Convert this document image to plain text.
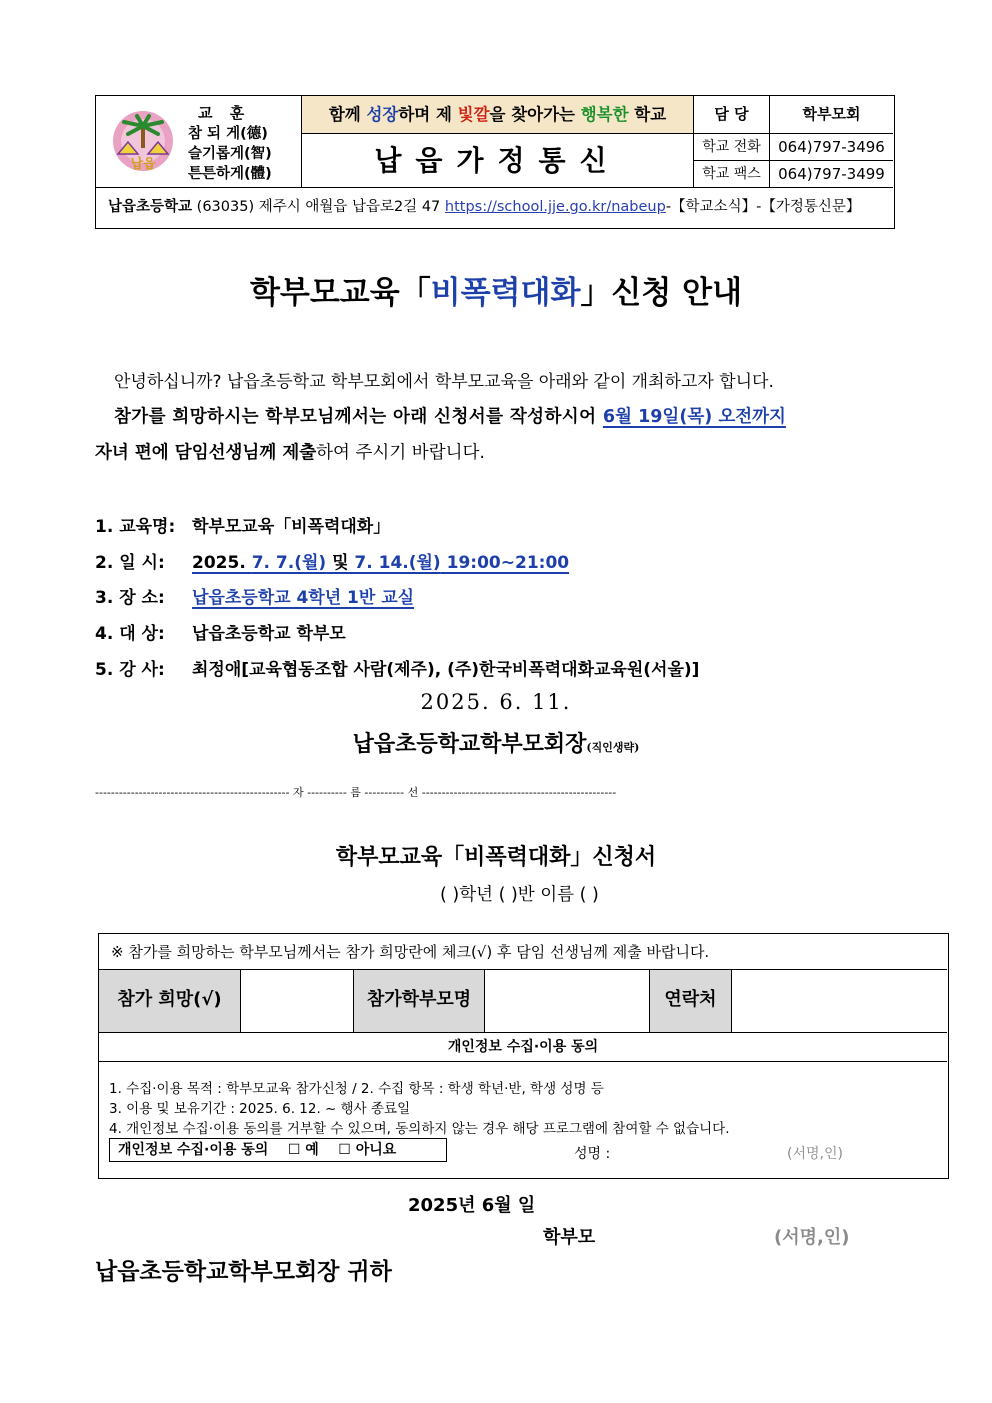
납읍
교 훈
참 되 게(德)
슬기롭게(智)
튼튼하게(體)
함께 성장하며 제 빛깔을 찾아가는 행복한 학교
납읍가정통신
담 당	학부모회
학교 전화	064)797-3496
학교 팩스	064)797-3499
납읍초등학교 (63035) 제주시 애월읍 납읍로2길 47 https://school.jje.go.kr/nabeup-【학교소식】-【가정통신문】
학부모교육「비폭력대화」신청 안내
안녕하십니까? 납읍초등학교 학부모회에서 학부모교육을 아래와 같이 개최하고자 합니다.
참가를 희망하시는 학부모님께서는 아래 신청서를 작성하시어 6월 19일(목) 오전까지
자녀 편에 담임선생님께 제출하여 주시기 바랍니다.
1. 교육명:학부모교육「비폭력대화」
2. 일 시:2025. 7. 7.(월) 및 7. 14.(월) 19:00~21:00
3. 장 소:납읍초등학교 4학년 1반 교실
4. 대 상:납읍초등학교 학부모
5. 강 사:최정애[교육협동조합 사람(제주), (주)한국비폭력대화교육원(서울)]
2025. 6. 11.
납읍초등학교학부모회장(직인생략)
------------------------------------------------- 자 ---------- 름 ---------- 선 -------------------------------------------------
학부모교육「비폭력대화」신청서
( )학년 ( )반 이름 ( )
※ 참가를 희망하는 학부모님께서는 참가 희망란에 체크(√) 후 담임 선생님께 제출 바랍니다.
참가 희망(√)	참가학부모명	연락처
개인정보 수집·이용 동의
1. 수집·이용 목적 : 학부모교육 참가신청 / 2. 수집 항목 : 학생 학년·반, 학생 성명 등
3. 이용 및 보유기간 : 2025. 6. 12. ~ 행사 종료일
4. 개인정보 수집·이용 동의를 거부할 수 있으며, 동의하지 않는 경우 해당 프로그램에 참여할 수 없습니다.
개인정보 수집·이용 동의 ☐ 예 ☐ 아니요	성명 :	(서명,인)
2025년 6월 일
학부모	(서명,인)
납읍초등학교학부모회장 귀하
